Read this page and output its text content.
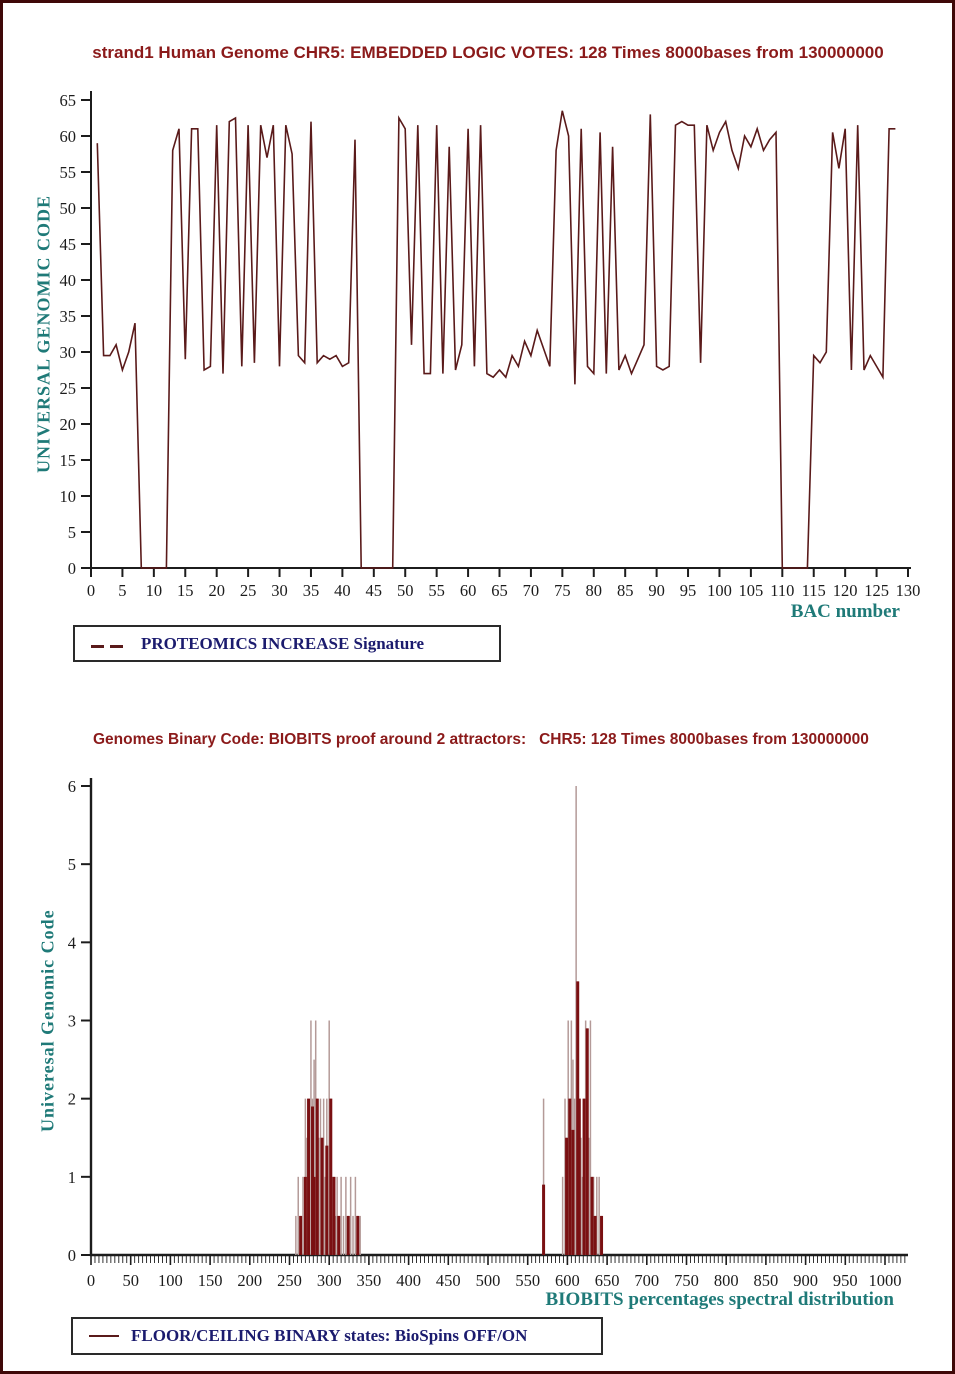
strand1 Human Genome CHR5: EMBEDDED LOGIC VOTES: 128 Times 8000bases from 130000000
UNIVERSAL GENOMIC CODE
0
5
10
15
20
25
30
35
40
45
50
55
60
65
0 5 10 15 20 25 30 35 40 45 50 55 60 65 70 75 80 85 90 95 100 105 110 115 120 125 130
BAC number
PROTEOMICS INCREASE Signature
Genomes Binary Code: BIOBITS proof around 2 attractors:   CHR5: 128 Times 8000bases from 130000000
Univeresal Genomic Code
0
1
2
3
4
5
6
0 50 100 150 200 250 300 350 400 450 500 550 600 650 700 750 800 850 900 950 1000
BIOBITS percentages spectral distribution
FLOOR/CEILING BINARY states: BioSpins OFF/ON
